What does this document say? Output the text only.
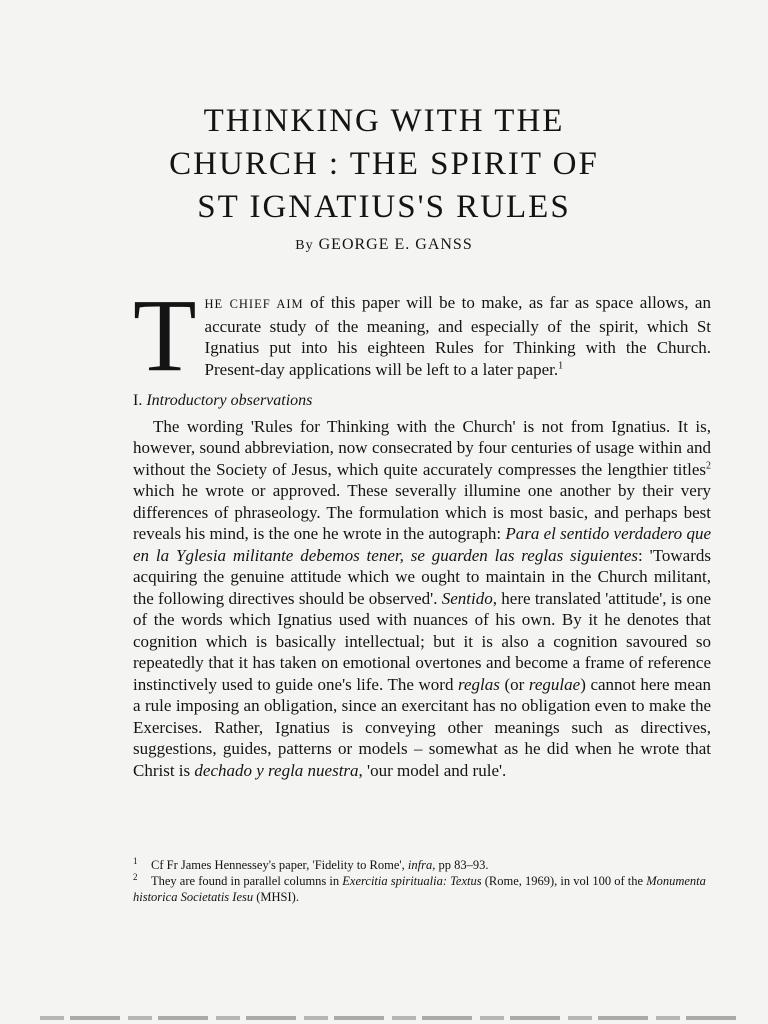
THINKING WITH THE
CHURCH : THE SPIRIT OF
ST IGNATIUS'S RULES
By GEORGE E. GANSS
THE CHIEF AIM of this paper will be to make, as far as space allows, an accurate study of the meaning, and especially of the spirit, which St Ignatius put into his eighteen Rules for Thinking with the Church. Present-day applications will be left to a later paper.$^1$
I. Introductory observations
The wording 'Rules for Thinking with the Church' is not from Ignatius. It is, however, sound abbreviation, now consecrated by four centuries of usage within and without the Society of Jesus, which quite accurately compresses the lengthier titles$^2$ which he wrote or approved. These severally illumine one another by their very differences of phraseology. The formulation which is most basic, and perhaps best reveals his mind, is the one he wrote in the autograph: Para el sentido verdadero que en la Yglesia militante debemos tener, se guarden las reglas siguientes: 'Towards acquiring the genuine attitude which we ought to maintain in the Church militant, the following directives should be observed'. Sentido, here translated 'attitude', is one of the words which Ignatius used with nuances of his own. By it he denotes that cognition which is basically intellectual; but it is also a cognition savoured so repeatedly that it has taken on emotional overtones and become a frame of reference instinctively used to guide one's life. The word reglas (or regulae) cannot here mean a rule imposing an obligation, since an exercitant has no obligation even to make the Exercises. Rather, Ignatius is conveying other meanings such as directives, suggestions, guides, patterns or models – somewhat as he did when he wrote that Christ is dechado y regla nuestra, 'our model and rule'.
1 Cf Fr James Hennessey's paper, 'Fidelity to Rome', infra, pp 83–93.
2 They are found in parallel columns in Exercitia spiritualia: Textus (Rome, 1969), in vol 100 of the Monumenta historica Societatis Iesu (MHSI).
